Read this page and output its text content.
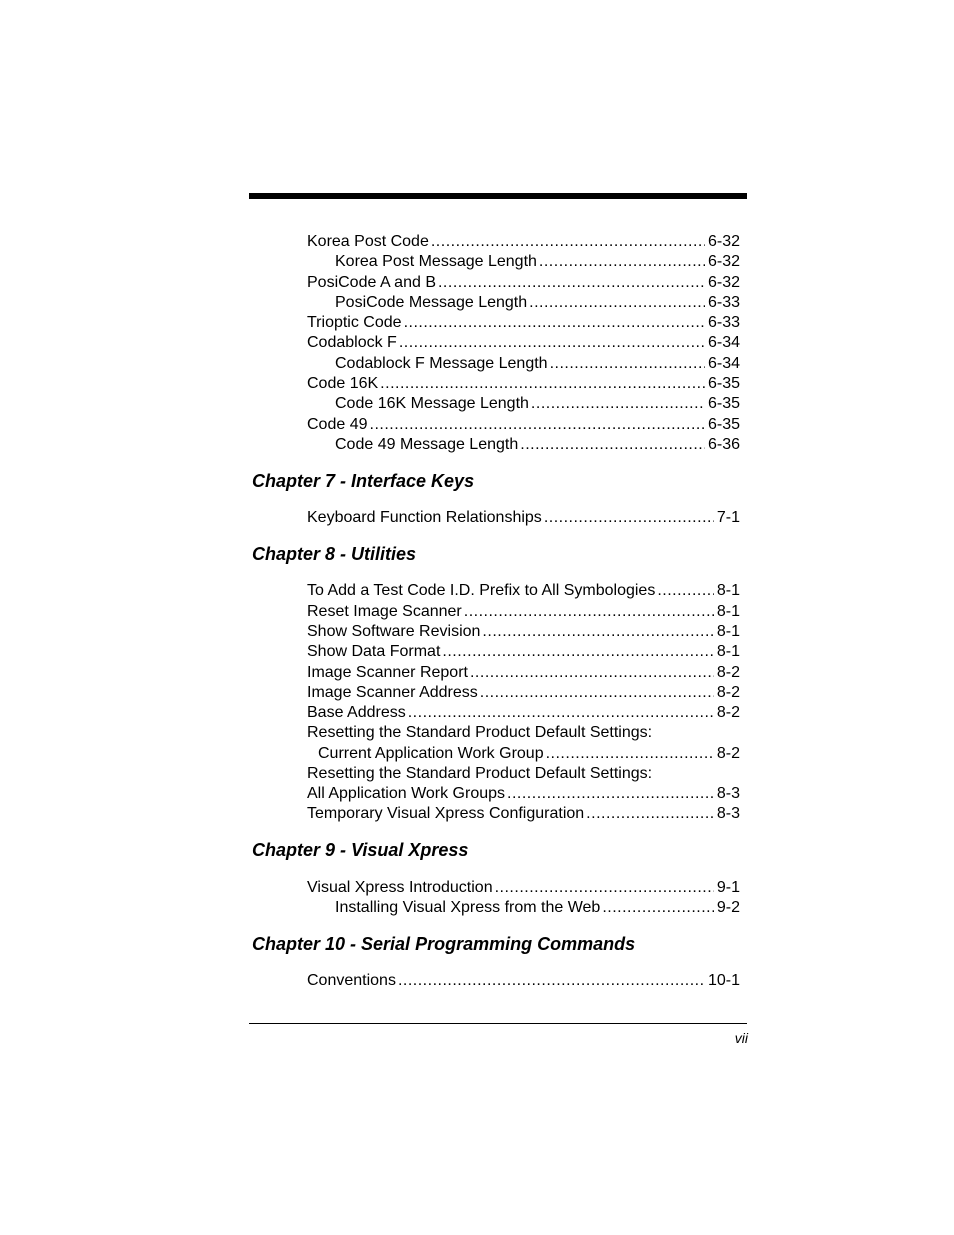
Korea Post Code .....	6-32
Korea Post Message Length .....	6-32
PosiCode A and B .....	6-32
PosiCode Message Length .....	6-33
Trioptic Code .....	6-33
Codablock F .....	6-34
Codablock F Message Length .....	6-34
Code 16K .....	6-35
Code 16K Message Length .....	6-35
Code 49 .....	6-35
Code 49 Message Length .....	6-36
Chapter 7 - Interface Keys
Keyboard Function Relationships .....	7-1
Chapter 8 - Utilities
To Add a Test Code I.D. Prefix to All Symbologies .....	8-1
Reset Image Scanner .....	8-1
Show Software Revision .....	8-1
Show Data Format .....	8-1
Image Scanner Report .....	8-2
Image Scanner Address .....	8-2
Base Address .....	8-2
Resetting the Standard Product Default Settings:
Current Application Work Group .....	8-2
Resetting the Standard Product Default Settings:
All Application Work Groups .....	8-3
Temporary Visual Xpress Configuration .....	8-3
Chapter 9 - Visual Xpress
Visual Xpress Introduction .....	9-1
Installing Visual Xpress from the Web .....	9-2
Chapter 10 - Serial Programming Commands
Conventions .....	10-1
vii
